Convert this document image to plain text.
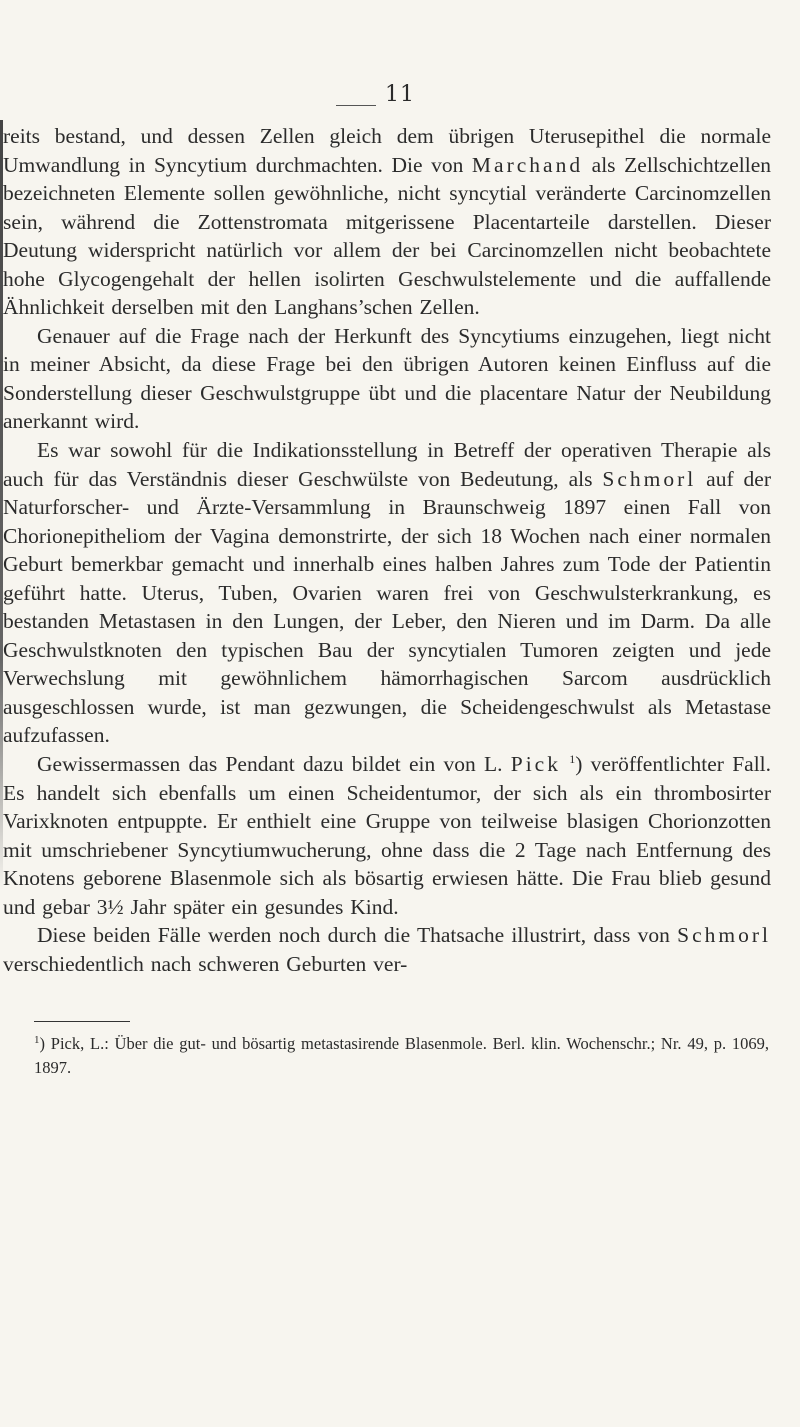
11

reits bestand, und dessen Zellen gleich dem übrigen Uterusepithel die normale Umwandlung in Syncytium durchmachten. Die von Marchand als Zellschichtzellen bezeichneten Elemente sollen gewöhnliche, nicht syncytial veränderte Carcinomzellen sein, während die Zottenstromata mitgerissene Placentarteile darstellen. Dieser Deutung widerspricht natürlich vor allem der bei Carcinomzellen nicht beobachtete hohe Glycogengehalt der hellen isolirten Geschwulstelemente und die auffallende Ähnlichkeit derselben mit den Langhans’schen Zellen.

Genauer auf die Frage nach der Herkunft des Syncytiums einzugehen, liegt nicht in meiner Absicht, da diese Frage bei den übrigen Autoren keinen Einfluss auf die Sonderstellung dieser Geschwulstgruppe übt und die placentare Natur der Neubildung anerkannt wird.

Es war sowohl für die Indikationsstellung in Betreff der operativen Therapie als auch für das Verständnis dieser Geschwülste von Bedeutung, als Schmorl auf der Naturforscher- und Ärzte-Versammlung in Braunschweig 1897 einen Fall von Chorionepitheliom der Vagina demonstrirte, der sich 18 Wochen nach einer normalen Geburt bemerkbar gemacht und innerhalb eines halben Jahres zum Tode der Patientin geführt hatte. Uterus, Tuben, Ovarien waren frei von Geschwulsterkrankung, es bestanden Metastasen in den Lungen, der Leber, den Nieren und im Darm. Da alle Geschwulstknoten den typischen Bau der syncytialen Tumoren zeigten und jede Verwechslung mit gewöhnlichem hämorrhagischen Sarcom ausdrücklich ausgeschlossen wurde, ist man gezwungen, die Scheidengeschwulst als Metastase aufzufassen.

Gewissermassen das Pendant dazu bildet ein von L. Pick $^1$) veröffentlichter Fall. Es handelt sich ebenfalls um einen Scheidentumor, der sich als ein thrombosirter Varixknoten entpuppte. Er enthielt eine Gruppe von teilweise blasigen Chorionzotten mit umschriebener Syncytiumwucherung, ohne dass die 2 Tage nach Entfernung des Knotens geborene Blasenmole sich als bösartig erwiesen hätte. Die Frau blieb gesund und gebar 3½ Jahr später ein gesundes Kind.

Diese beiden Fälle werden noch durch die Thatsache illustrirt, dass von Schmorl verschiedentlich nach schweren Geburten ver-

$^1$) Pick, L.: Über die gut- und bösartig metastasirende Blasenmole. Berl. klin. Wochenschr.; Nr. 49, p. 1069, 1897.
